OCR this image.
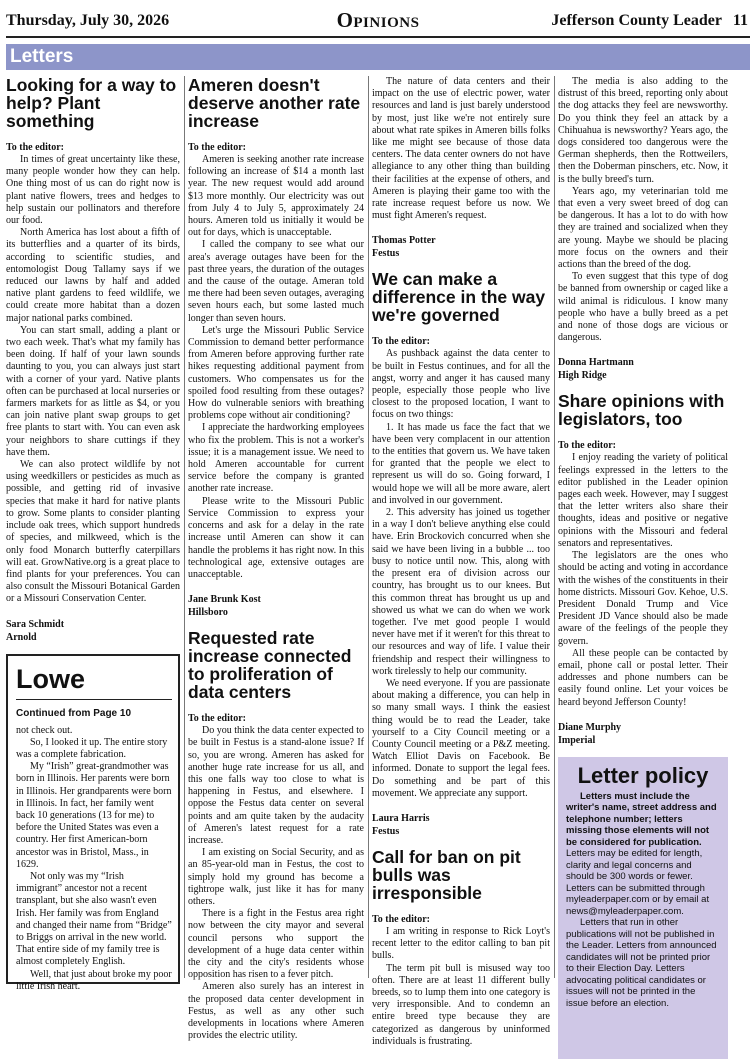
Thursday, July 30, 2026	Opinions	Jefferson County Leader 11
Letters
Looking for a way to help? Plant something
To the editor:

In times of great uncertainty like these, many people wonder how they can help. One thing most of us can do right now is plant native flowers, trees and hedges to help sustain our pollinators and therefore our food.

North America has lost about a fifth of its butterflies and a quarter of its birds, according to scientific studies, and entomologist Doug Tallamy says if we reduced our lawns by half and added native plant gardens to feed wildlife, we could create more habitat than a dozen major national parks combined.

You can start small, adding a plant or two each week. That's what my family has been doing. If half of your lawn sounds daunting to you, you can always just start with a corner of your yard. Native plants often can be purchased at local nurseries or farmers markets for as little as $4, or you can join native plant swap groups to get free plants to start with. You can even ask your neighbors to share cuttings if they have them.

We can also protect wildlife by not using weedkillers or pesticides as much as possible, and getting rid of invasive species that make it hard for native plants to grow. Some plants to consider planting include oak trees, which support hundreds of species, and milkweed, which is the only food Monarch butterfly caterpillars will eat. GrowNative.org is a great place to find plants for your preferences. You can also consult the Missouri Botanical Garden or a Missouri Conservation Center.

Sara Schmidt
Arnold
Lowe
Continued from Page 10

not check out.

So, I looked it up. The entire story was a complete fabrication.

My “Irish” great-grandmother was born in Illinois. Her parents were born in Illinois. Her grandparents were born in Illinois. In fact, her family went back 10 generations (13 for me) to before the United States was even a country. Her first American-born ancestor was in Bristol, Mass., in 1629.

Not only was my “Irish immigrant” ancestor not a recent transplant, but she also wasn't even Irish. Her family was from England and changed their name from “Bridge” to Briggs on arrival in the new world. That entire side of my family tree is almost completely English.

Well, that just about broke my poor little Irish heart.

Ameren doesn't deserve another rate increase
To the editor:

Ameren is seeking another rate increase following an increase of $14 a month last year. The new request would add around $13 more monthly. Our electricity was out from July 4 to July 5, approximately 24 hours. Ameren told us initially it would be out for days, which is unacceptable.

I called the company to see what our area's average outages have been for the past three years, the duration of the outages and the cause of the outage. Ameran told me there had been seven outages, averaging seven hours each, but some lasted much longer than seven hours.

Let's urge the Missouri Public Service Commission to demand better performance from Ameren before approving further rate hikes requesting additional payment from customers. Who compensates us for the spoiled food resulting from these outages? How do vulnerable seniors with breathing problems cope without air conditioning?

I appreciate the hardworking employees who fix the problem. This is not a worker's issue; it is a management issue. We need to hold Ameren accountable for current service before the company is granted another rate increase.

Please write to the Missouri Public Service Commission to express your concerns and ask for a delay in the rate increase until Ameren can show it can handle the problems it has right now. In this technological age, extensive outages are unacceptable.

Jane Brunk Kost
Hillsboro
Requested rate increase connected to proliferation of data centers
To the editor:

Do you think the data center expected to be built in Festus is a stand-alone issue? If so, you are wrong. Ameren has asked for another huge rate increase for us all, and this one falls way too close to what is happening in Festus, and elsewhere. I oppose the Festus data center on several points and am quite taken by the audacity of Ameren's latest request for a rate increase.

I am existing on Social Security, and as an 85-year-old man in Festus, the cost to simply hold my ground has become a tightrope walk, just like it has for many others.

There is a fight in the Festus area right now between the city mayor and several council persons who support the development of a huge data center within the city and the city's residents whose opposition has risen to a fever pitch.

Ameren also surely has an interest in the proposed data center development in Festus, as well as any other such developments in locations where Ameren provides the electric utility.

The nature of data centers and their impact on the use of electric power, water resources and land is just barely understood by most, just like we're not entirely sure about what rate spikes in Ameren bills folks like me might see because of those data centers. The data center owners do not have allegiance to any other thing than building their facilities at the expense of others, and Ameren is playing their game too with the rate increase request before us now. We must fight Ameren's request.

Thomas Potter
Festus
We can make a difference in the way we're governed
To the editor:

As pushback against the data center to be built in Festus continues, and for all the angst, worry and anger it has caused many people, especially those people who live closest to the proposed location, I want to focus on two things:

1. It has made us face the fact that we have been very complacent in our attention to the entities that govern us. We have taken for granted that the people we elect to represent us will do so. Going forward, I would hope we will all be more aware, alert and involved in our government.

2. This adversity has joined us together in a way I don't believe anything else could have. Erin Brockovich concurred when she said we have been living in a bubble ... too busy to notice until now. This, along with the present era of division across our country, has brought us to our knees. But this common threat has brought us up and showed us what we can do when we work together. I've met good people I would never have met if it weren't for this threat to our resources and way of life. I value their friendship and respect their willingness to work tirelessly to help our community.

We need everyone. If you are passionate about making a difference, you can help in so many small ways. I think the easiest thing would be to read the Leader, take yourself to a City Council meeting or a County Council meeting or a P&Z meeting. Watch Elliot Davis on Facebook. Be informed. Donate to support the legal fees. Do something and be part of this movement. We appreciate any support.

Laura Harris
Festus
Call for ban on pit bulls was irresponsible
To the editor:

I am writing in response to Rick Loyt's recent letter to the editor calling to ban pit bulls.

The term pit bull is misused way too often. There are at least 11 different bully breeds, so to lump them into one category is very irresponsible. And to condemn an entire breed type because they are categorized as dangerous by uninformed individuals is frustrating.

The media is also adding to the distrust of this breed, reporting only about the dog attacks they feel are newsworthy. Do you think they feel an attack by a Chihuahua is newsworthy? Years ago, the dogs considered too dangerous were the German shepherds, then the Rottweilers, then the Doberman pinschers, etc. Now, it is the bully breed's turn.

Years ago, my veterinarian told me that even a very sweet breed of dog can be dangerous. It has a lot to do with how they are trained and socialized when they are young. Maybe we should be placing more focus on the owners and their actions than the breed of the dog.

To even suggest that this type of dog be banned from ownership or caged like a wild animal is ridiculous. I know many people who have a bully breed as a pet and none of those dogs are vicious or dangerous.

Donna Hartmann
High Ridge
Share opinions with legislators, too
To the editor:

I enjoy reading the variety of political feelings expressed in the letters to the editor published in the Leader opinion pages each week. However, may I suggest that the letter writers also share their thoughts, ideas and positive or negative opinions with the Missouri and federal senators and representatives.

The legislators are the ones who should be acting and voting in accordance with the wishes of the constituents in their home districts. Missouri Gov. Kehoe, U.S. President Donald Trump and Vice President JD Vance should also be made aware of the feelings of the people they govern.

All these people can be contacted by email, phone call or postal letter. Their addresses and phone numbers can be easily found online. Let your voices be heard beyond Jefferson County!

Diane Murphy
Imperial
Letter policy

Letters must include the writer's name, street address and telephone number; letters missing those elements will not be considered for publication. Letters may be edited for length, clarity and legal concerns and should be 300 words or fewer. Letters can be submitted through myleaderpaper.com or by email at news@myleaderpaper.com.

Letters that run in other publications will not be published in the Leader. Letters from announced candidates will not be printed prior to their Election Day. Letters advocating political candidates or issues will not be printed in the issue before an election.
